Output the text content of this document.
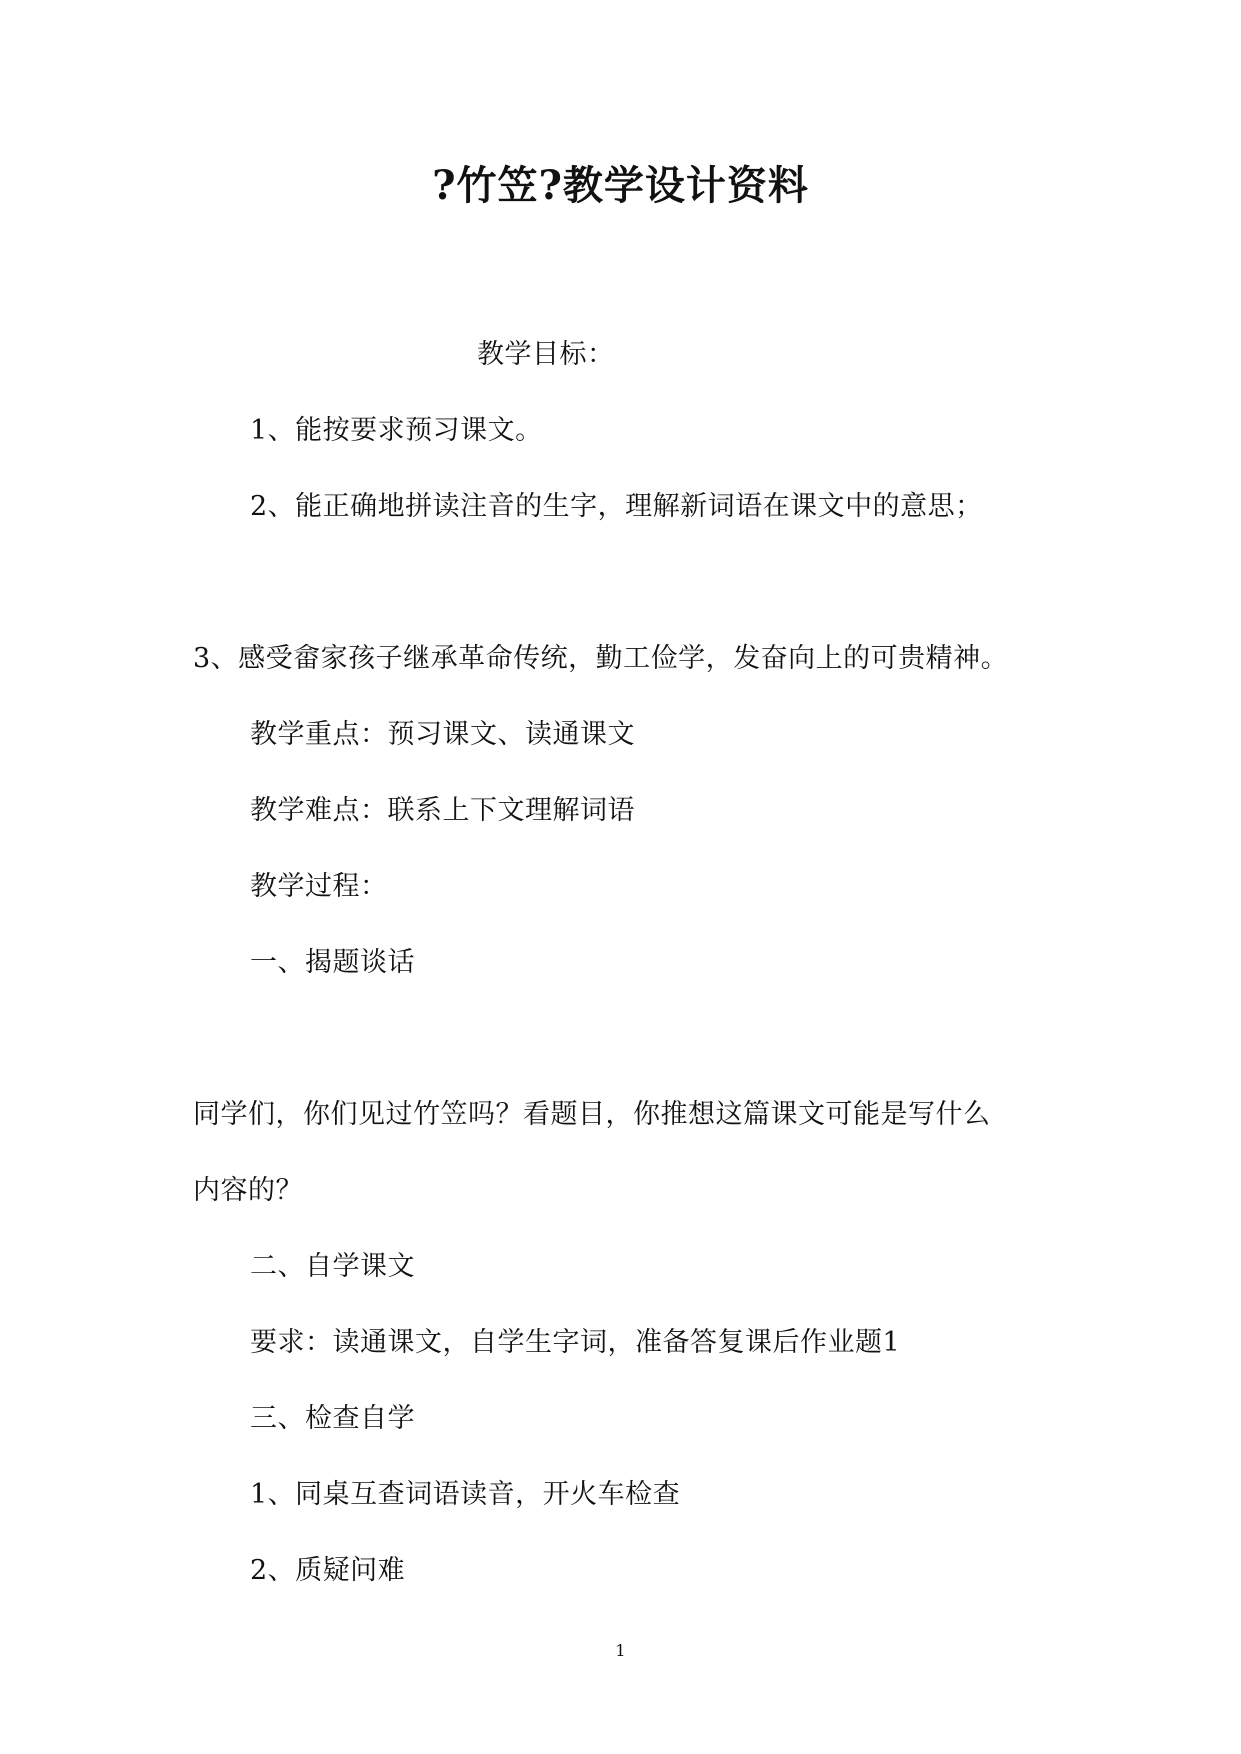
?竹笠?教学设计资料
教学目标：
1、能按要求预习课文。
2、能正确地拼读注音的生字，理解新词语在课文中的意思；
3、感受畲家孩子继承革命传统，勤工俭学，发奋向上的可贵精神。
教学重点：预习课文、读通课文
教学难点：联系上下文理解词语
教学过程：
一、揭题谈话
同学们，你们见过竹笠吗？看题目，你推想这篇课文可能是写什么
内容的？
二、自学课文
要求：读通课文，自学生字词，准备答复课后作业题1
三、检查自学
1、同桌互查词语读音，开火车检查
2、质疑问难
1
